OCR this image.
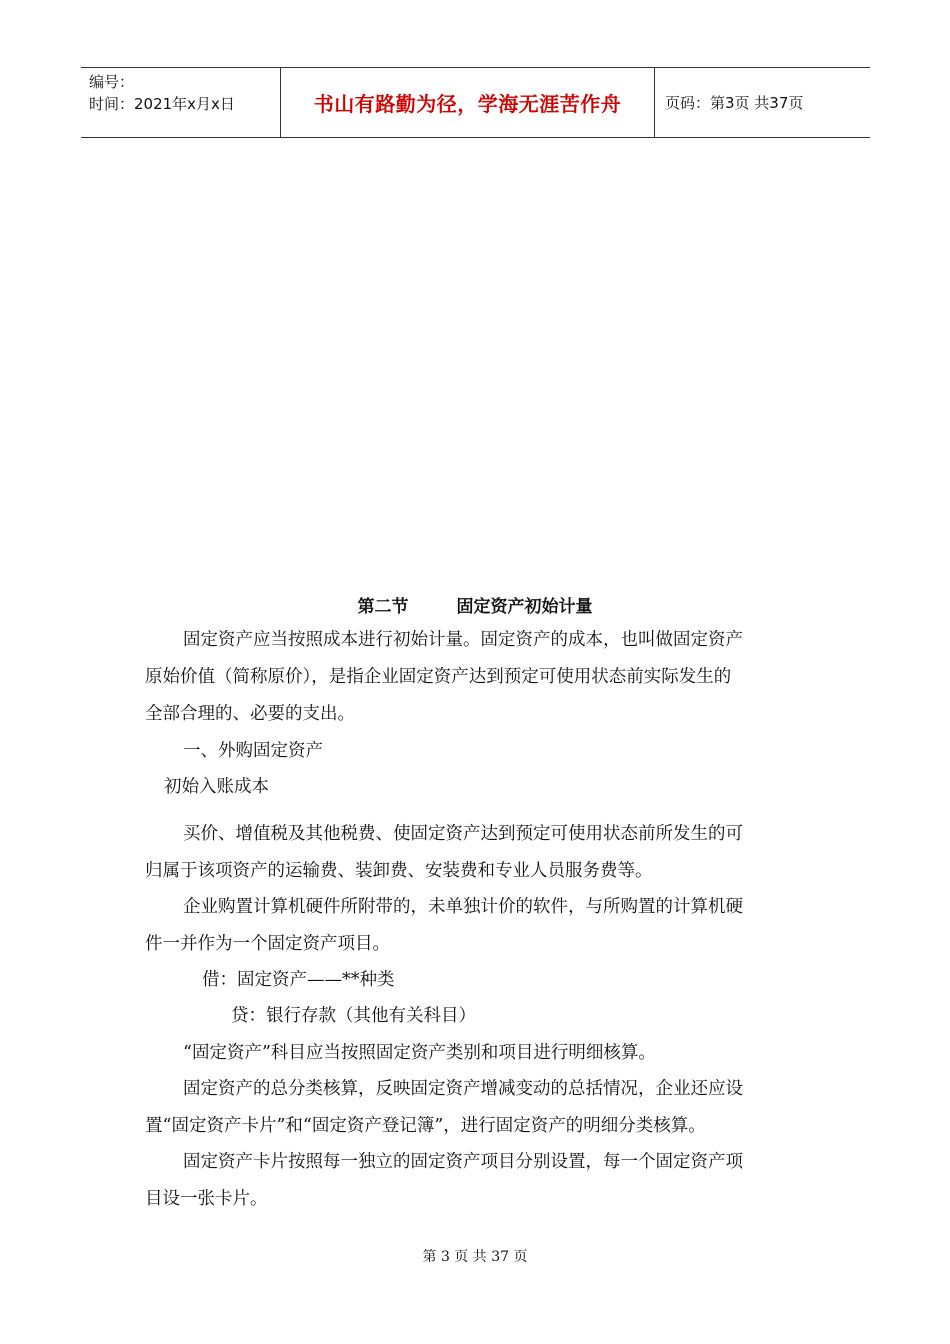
编号：
时间：2021年x月x日	书山有路勤为径，学海无涯苦作舟	页码：第3页 共37页
第二节	固定资产初始计量
固定资产应当按照成本进行初始计量。固定资产的成本，也叫做固定资产
原始价值（简称原价），是指企业固定资产达到预定可使用状态前实际发生的
全部合理的、必要的支出。
一、外购固定资产
初始入账成本
买价、增值税及其他税费、使固定资产达到预定可使用状态前所发生的可
归属于该项资产的运输费、装卸费、安装费和专业人员服务费等。
企业购置计算机硬件所附带的，未单独计价的软件，与所购置的计算机硬
件一并作为一个固定资产项目。
借：固定资产——**种类
贷：银行存款（其他有关科目）
“固定资产”科目应当按照固定资产类别和项目进行明细核算。
固定资产的总分类核算，反映固定资产增减变动的总括情况，企业还应设
置“固定资产卡片”和“固定资产登记簿”，进行固定资产的明细分类核算。
固定资产卡片按照每一独立的固定资产项目分别设置，每一个固定资产项
目设一张卡片。
第 3 页 共 37 页
